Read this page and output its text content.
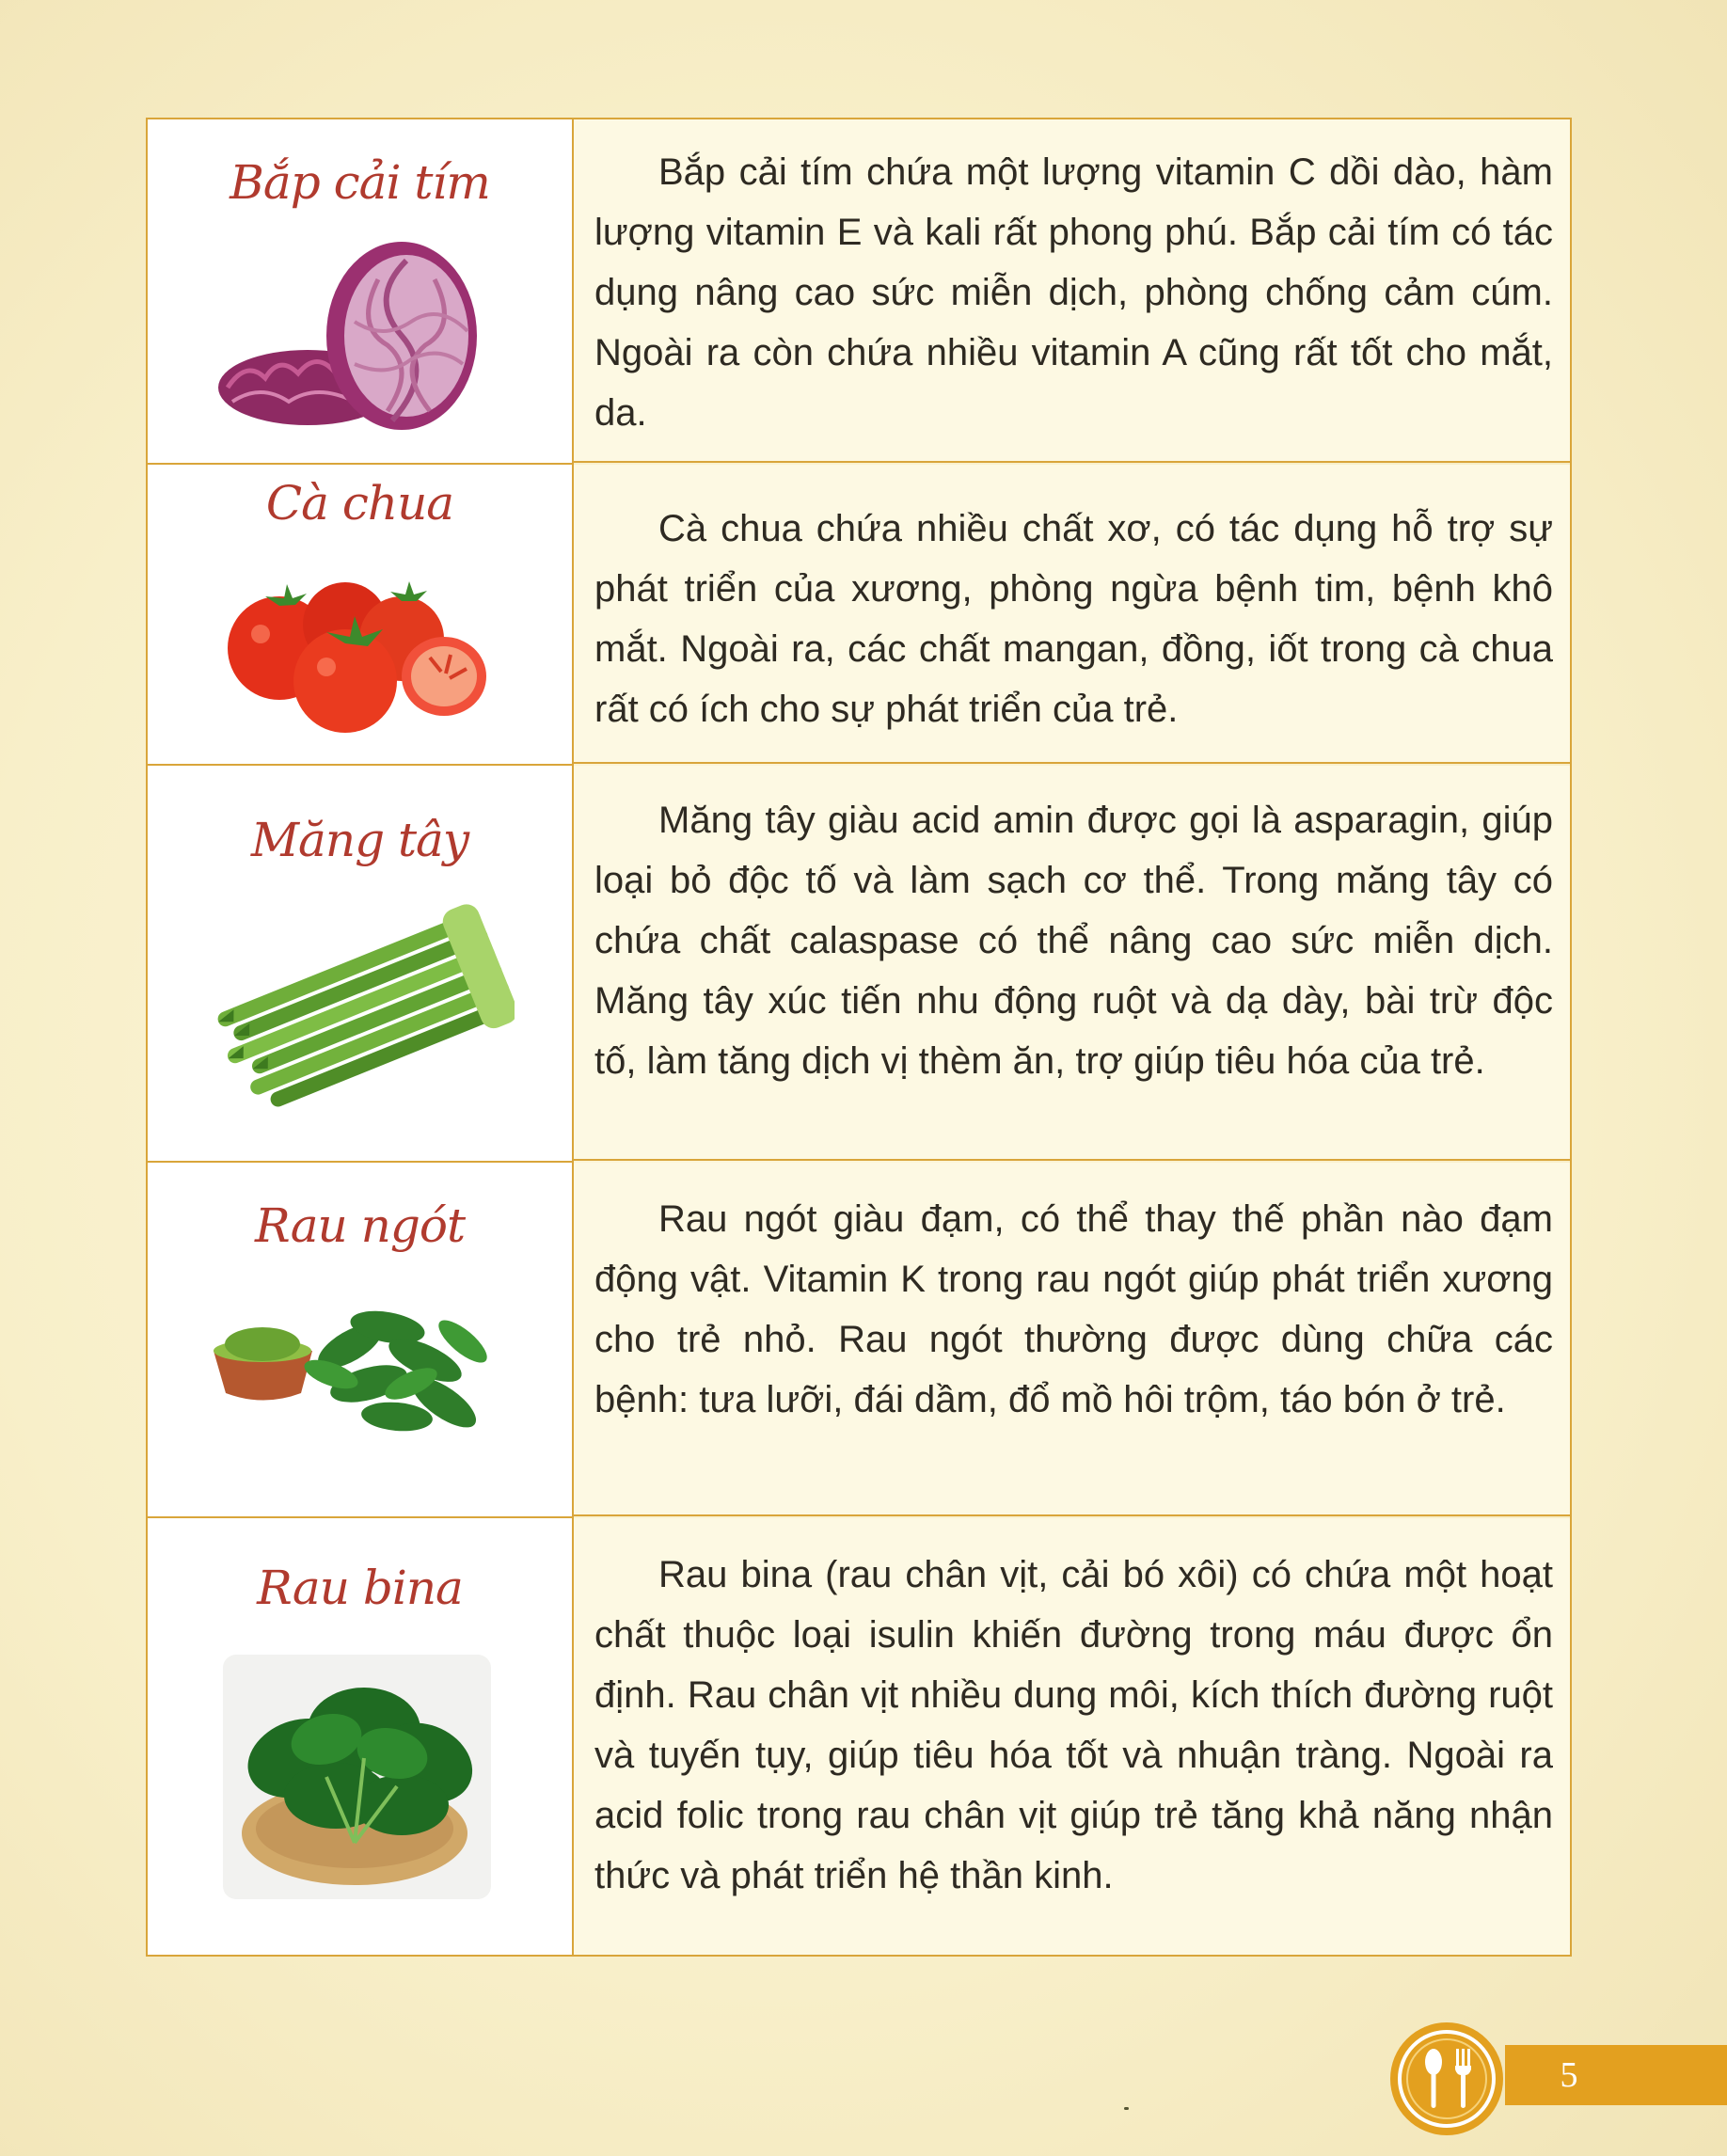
Bắp cải tím	Bắp cải tím chứa một lượng vitamin C dồi dào, hàm lượng vitamin E và kali rất phong phú. Bắp cải tím có tác dụng nâng cao sức miễn dịch, phòng chống cảm cúm. Ngoài ra còn chứa nhiều vitamin A cũng rất tốt cho mắt, da.

Cà chua	Cà chua chứa nhiều chất xơ, có tác dụng hỗ trợ sự phát triển của xương, phòng ngừa bệnh tim, bệnh khô mắt. Ngoài ra, các chất mangan, đồng, iốt trong cà chua rất có ích cho sự phát triển của trẻ.

Măng tây	Măng tây giàu acid amin được gọi là asparagin, giúp loại bỏ độc tố và làm sạch cơ thể. Trong măng tây có chứa chất calaspase có thể nâng cao sức miễn dịch. Măng tây xúc tiến nhu động ruột và dạ dày, bài trừ độc tố, làm tăng dịch vị thèm ăn, trợ giúp tiêu hóa của trẻ.

Rau ngót	Rau ngót giàu đạm, có thể thay thế phần nào đạm động vật. Vitamin K trong rau ngót giúp phát triển xương cho trẻ nhỏ. Rau ngót thường được dùng chữa các bệnh: tưa lưỡi, đái dầm, đổ mồ hôi trộm, táo bón ở trẻ.

Rau bina	Rau bina (rau chân vịt, cải bó xôi) có chứa một hoạt chất thuộc loại isulin khiến đường trong máu được ổn định. Rau chân vịt nhiều dung môi, kích thích đường ruột và tuyến tụy, giúp tiêu hóa tốt và nhuận tràng. Ngoài ra acid folic trong rau chân vịt giúp trẻ tăng khả năng nhận thức và phát triển hệ thần kinh.

5
